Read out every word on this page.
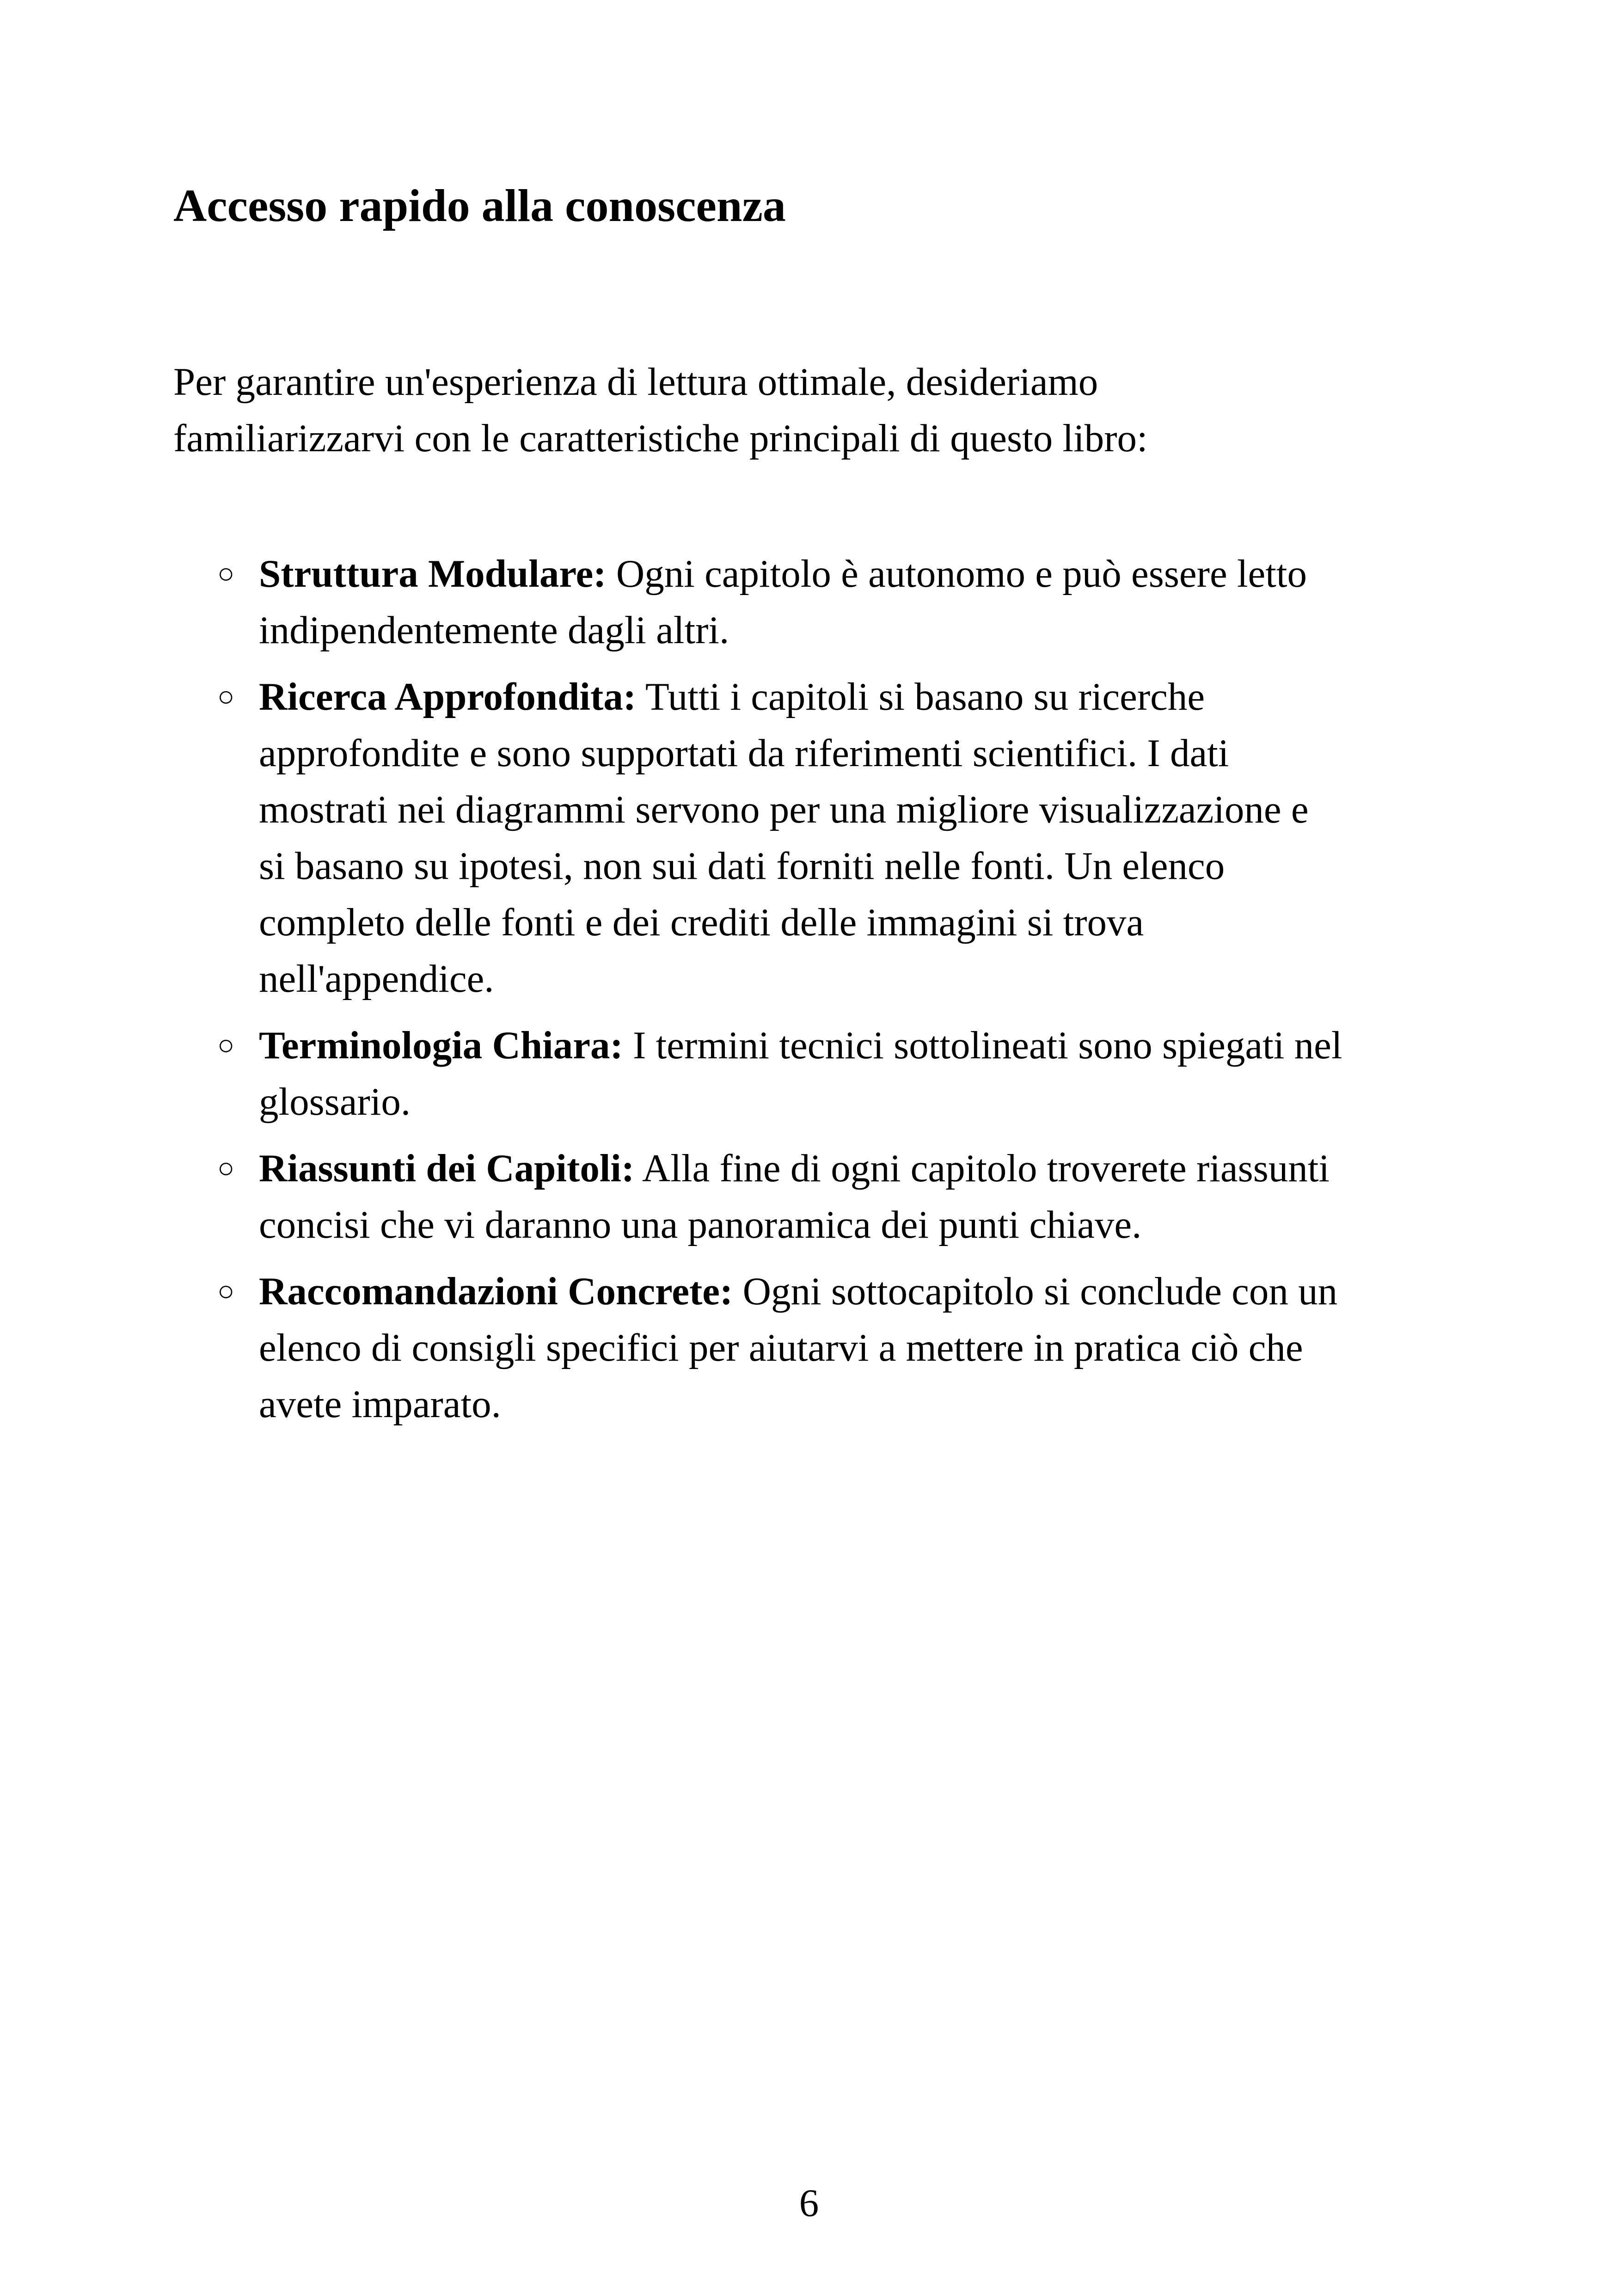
Accesso rapido alla conoscenza

Per garantire un'esperienza di lettura ottimale, desideriamo
familiarizzarvi con le caratteristiche principali di questo libro:

○ Struttura Modulare: Ogni capitolo è autonomo e può essere letto
indipendentemente dagli altri.
○ Ricerca Approfondita: Tutti i capitoli si basano su ricerche
approfondite e sono supportati da riferimenti scientifici. I dati
mostrati nei diagrammi servono per una migliore visualizzazione e
si basano su ipotesi, non sui dati forniti nelle fonti. Un elenco
completo delle fonti e dei crediti delle immagini si trova
nell'appendice.
○ Terminologia Chiara: I termini tecnici sottolineati sono spiegati nel
glossario.
○ Riassunti dei Capitoli: Alla fine di ogni capitolo troverete riassunti
concisi che vi daranno una panoramica dei punti chiave.
○ Raccomandazioni Concrete: Ogni sottocapitolo si conclude con un
elenco di consigli specifici per aiutarvi a mettere in pratica ciò che
avete imparato.
6
